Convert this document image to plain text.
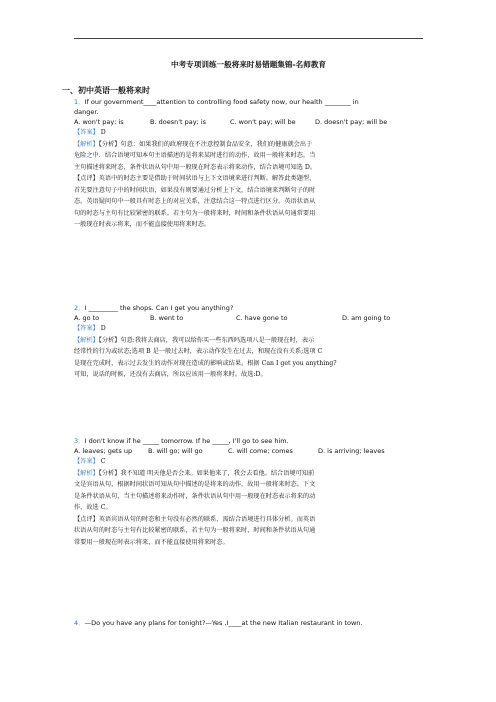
中考专项训练一般将来时易错题集锦-名师教育
一、初中英语一般将来时
1．If our government____attention to controlling food safety now, our health ________ in
danger.
A. won't pay; is	B. doesn't pay; is	C. won't pay; will be	D. doesn't pay; will be
【答案】 D

【解析】【分析】句意：如果我们的政府现在不注意控制食品安全，我们的健康就会出于

危险之中．结合语境可知本句主语描述的是将来某时进行的动作，故用一般将来时态。当

主句描述将来时态，条件状语从句中用一般现在时态表示将来动作，结合语境可知选 D。

【点评】英语中的时态主要是借助于时间状语与上下文语境来进行判断。解答此类题型，

首先要注意句子中的时间状语，如果没有则要通过分析上下文，结合语境来判断句子的时

态。英语疑问句中一般具有时态上的对应关系，注意结合这一特点进行区分。英语状语从

句的时态与主句有比较紧密的联系。若主句为一般将来时，时间和条件状语从句通常要用

一般现在时表示将来，而不能直接使用将来时态。

2．I _________ the shops. Can I get you anything?
A. go to	B. went to	C. have gone to	D. am going to
【答案】 D

【解析】【分析】句意:我将去商店，我可以给你买一些东西吗选项八是一般现在时，表示

经常性的行为或状态;选项 B 是一般过去时，表示动作发生在过去，和现在没有关系;选项 C

是现在完成时，表示过去发生的动作对现在造成的影响或结果。根据 Can I get you anything?

可知，说话的时候，还没有去商店，所以应该用一般将来时。故选:D。

3．I don't know if he _____ tomorrow. If he _____, I'll go to see him.
A. leaves; gets up	B. will go; will go	C. will come; comes	D. is arriving; leaves
【答案】 C

【解析】【分析】我不知道 明天他是否会来。如果他来了，我会去看他。结合语境可知前

文是宾语从句，根据时间状语可知从句中描述的是将来的动作，故用一般将来时态。下文

是条件状语从句，当主句描述将来动作时，条件状语从句中用一般现在时态表示将来的动

作，故选 C。

【点评】英语宾语从句的时态和主句没有必然的联系，需结合语境进行具体分析。而英语

状语从句的时态与主句有比较紧密的联系，若主句为一般将来时，时间和条件状语从句通

常要用一般现在时表示将来，而不能直接使用将来时态。

4．—Do you have any plans for tonight?—Yes ,I____at the new Italian restaurant in town.
